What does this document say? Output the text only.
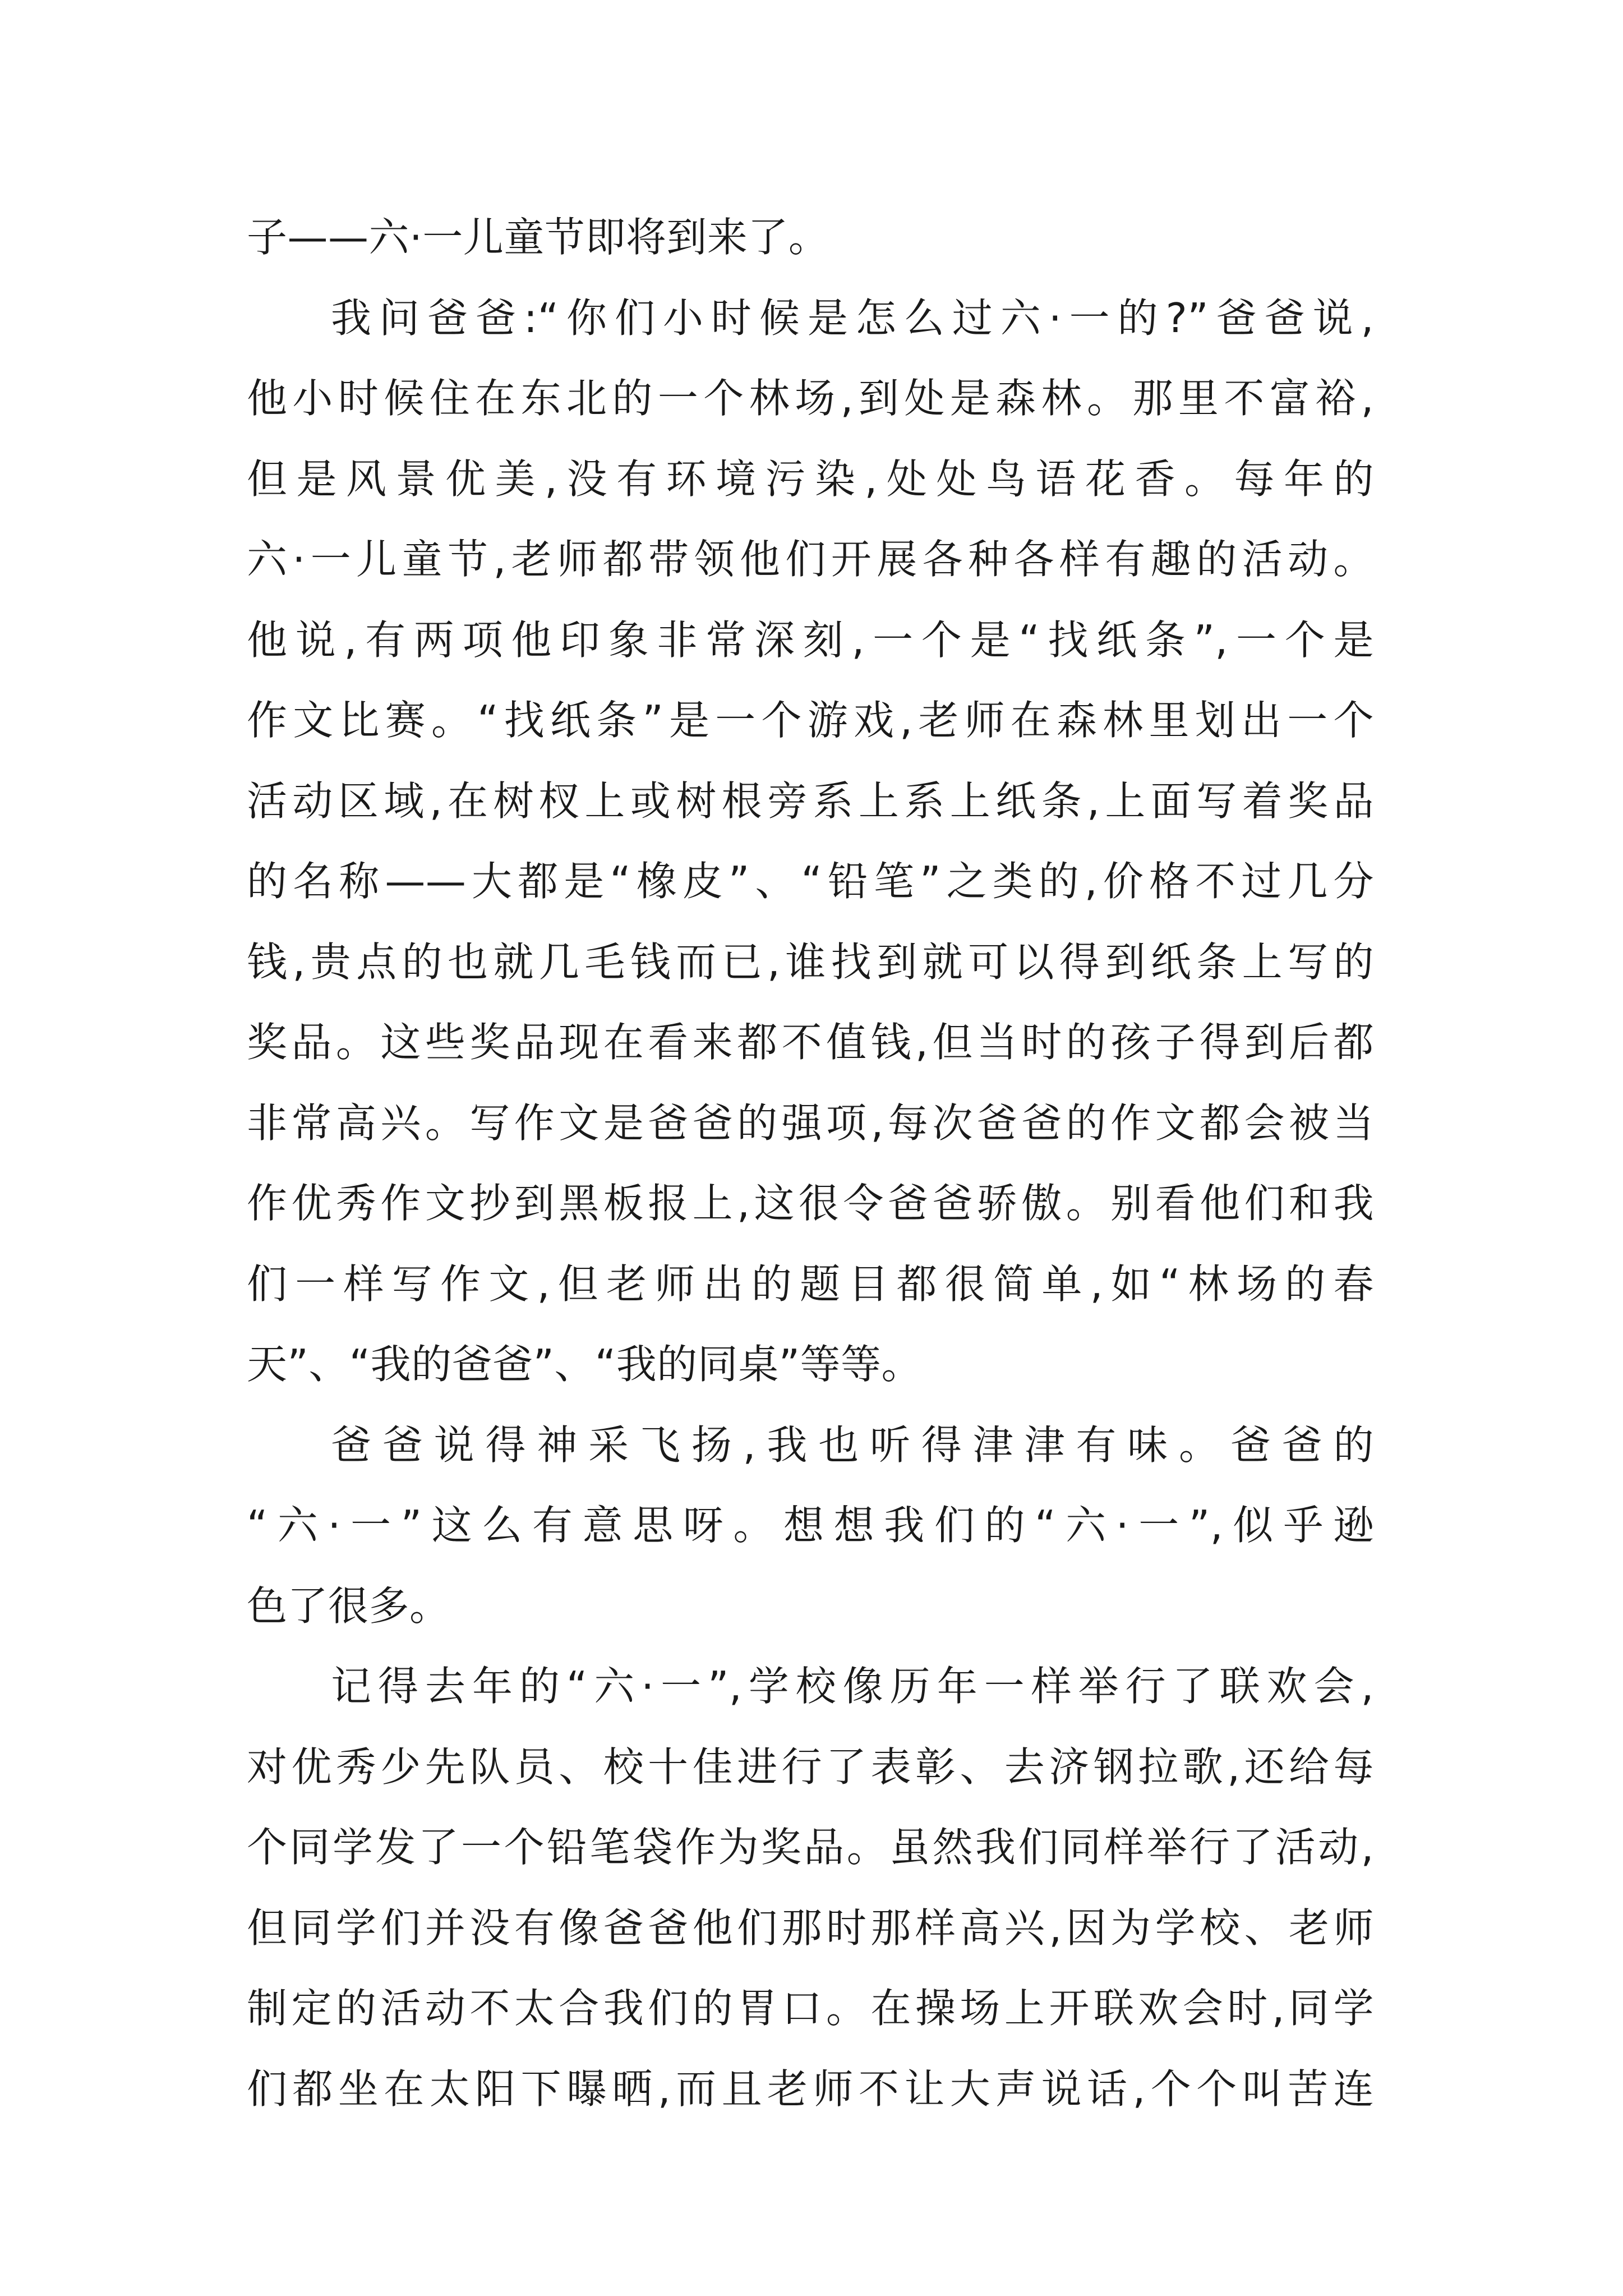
子——六·一儿童节即将到来了。
我问爸爸:“你们小时候是怎么过六·一的?”爸爸说,
他小时候住在东北的一个林场,到处是森林。那里不富裕,
但是风景优美,没有环境污染,处处鸟语花香。每年的
六·一儿童节,老师都带领他们开展各种各样有趣的活动。
他说,有两项他印象非常深刻,一个是“找纸条”,一个是
作文比赛。“找纸条”是一个游戏,老师在森林里划出一个
活动区域,在树杈上或树根旁系上系上纸条,上面写着奖品
的名称——大都是“橡皮”、“铅笔”之类的,价格不过几分
钱,贵点的也就几毛钱而已,谁找到就可以得到纸条上写的
奖品。这些奖品现在看来都不值钱,但当时的孩子得到后都
非常高兴。写作文是爸爸的强项,每次爸爸的作文都会被当
作优秀作文抄到黑板报上,这很令爸爸骄傲。别看他们和我
们一样写作文,但老师出的题目都很简单,如“林场的春
天”、“我的爸爸”、“我的同桌”等等。
爸爸说得神采飞扬,我也听得津津有味。爸爸的
“六·一”这么有意思呀。想想我们的“六·一”,似乎逊
色了很多。
记得去年的“六·一”,学校像历年一样举行了联欢会,
对优秀少先队员、校十佳进行了表彰、去济钢拉歌,还给每
个同学发了一个铅笔袋作为奖品。虽然我们同样举行了活动,
但同学们并没有像爸爸他们那时那样高兴,因为学校、老师
制定的活动不太合我们的胃口。在操场上开联欢会时,同学
们都坐在太阳下曝晒,而且老师不让大声说话,个个叫苦连
